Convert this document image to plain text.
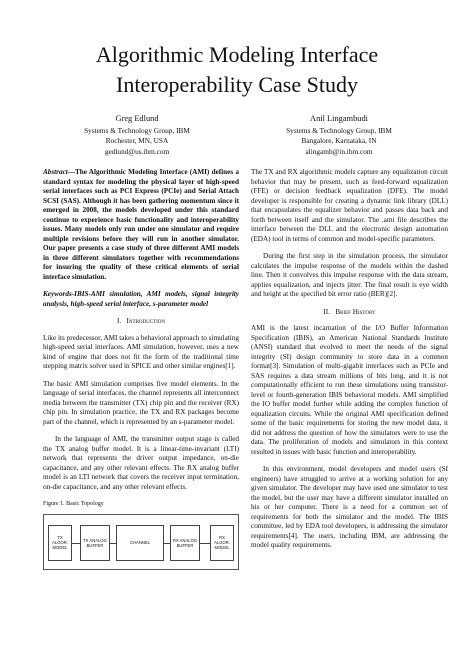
Algorithmic Modeling Interface
Interoperability Case Study
Greg Edlund
Systems & Technology Group, IBM
Rochester, MN, USA
gedlund@us.ibm.com
Anil Lingambudi
Systems & Technology Group, IBM
Bangalore, Karnataka, IN
alingamb@in.ibm.com

Abstract—The Algorithmic Modeling Interface (AMI) defines a standard syntax for modeling the physical layer of high-speed serial interfaces such as PCI Express (PCIe) and Serial Attach SCSI (SAS). Although it has been gathering momentum since it emerged in 2008, the models developed under this standard continue to experience basic functionality and interoperability issues. Many models only run under one simulator and require multiple revisions before they will run in another simulator. Our paper presents a case study of three different AMI models in three different simulators together with recommendations for insuring the quality of these critical elements of serial interface simulation.

Keywords-IBIS-AMI simulation, AMI models, signal integrity analysis, high-speed serial interface, s-parameter model

I. Introduction

Like its predecessor, AMI takes a behavioral approach to simulating high-speed serial interfaces. AMI simulation, however, uses a new kind of engine that does not fit the form of the traditional time stepping matrix solver used in SPICE and other similar engines[1].

The basic AMI simulation comprises five model elements. In the language of serial interfaces, the channel represents all interconnect media between the transmitter (TX) chip pin and the receiver (RX) chip pin. In simulation practice, the TX and RX packages become part of the channel, which is represented by an s-parameter model.

In the language of AMI, the transmitter output stage is called the TX analog buffer model. It is a linear-time-invariant (LTI) network that represents the driver output impedance, on-die capacitance, and any other relevant effects. The RX analog buffer model is an LTI network that covers the receiver input termination, on-die capacitance, and any other relevant effects.

Figure 1. Basic Topology
TX ALGOR. MODEL
TX ANALOG BUFFER	CHANNEL	RX ANALOG BUFFER
RX ALGOR. MODEL

The TX and RX algorithmic models capture any equalization circuit behavior that may be present, such as feed-forward equalization (FFE) or decision feedback equalization (DFE). The model developer is responsible for creating a dynamic link library (DLL) that encapsulates the equalizer behavior and passes data back and forth between itself and the simulator. The .ami file describes the interface between the DLL and the electronic design automation (EDA) tool in terms of common and model-specific parameters.

During the first step in the simulation process, the simulator calculates the impulse response of the models within the dashed line. Then it convolves this impulse response with the data stream, applies equalization, and injects jitter. The final result is eye width and height at the specified bit error ratio (BER)[2].

II. Brief History

AMI is the latest incarnation of the I/O Buffer Information Specification (IBIS), an American National Standards Institute (ANSI) standard that evolved to meet the needs of the signal integrity (SI) design community to store data in a common format[3]. Simulation of multi-gigabit interfaces such as PCIe and SAS requires a data stream millions of bits long, and it is not computationally efficient to run these simulations using transistor-level or fourth-generation IBIS behavioral models. AMI simplified the IO buffer model further while adding the complex function of equalization circuits. While the original AMI specification defined some of the basic requirements for storing the new model data, it did not address the question of how the simulators were to use the data. The proliferation of models and simulators in this context resulted in issues with basic function and interoperability.

In this environment, model developers and model users (SI engineers) have struggled to arrive at a working solution for any given simulator. The developer may have used one simulator to test the model, but the user may have a different simulator installed on his or her computer. There is a need for a common set of requirements for both the simulator and the model. The IBIS committee, led by EDA tool developers, is addressing the simulator requirements[4]. The users, including IBM, are addressing the model quality requirements.
